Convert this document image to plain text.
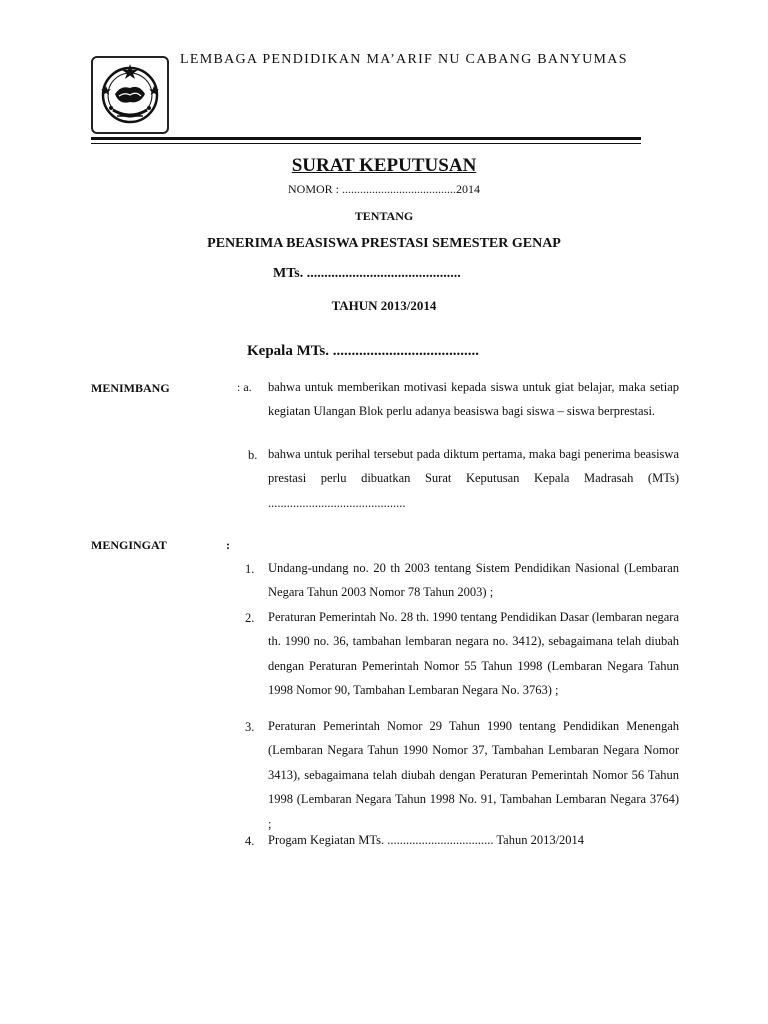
LEMBAGA PENDIDIKAN MA’ARIF NU CABANG BANYUMAS
SURAT KEPUTUSAN
NOMOR : ......................................2014
TENTANG
PENERIMA BEASISWA PRESTASI SEMESTER GENAP
MTs. ............................................
TAHUN 2013/2014
Kepala MTs. .......................................
MENIMBANG	: a. bahwa untuk memberikan motivasi kepada siswa untuk giat belajar, maka setiap kegiatan Ulangan Blok perlu adanya beasiswa bagi siswa – siswa berprestasi.
b. bahwa untuk perihal tersebut pada diktum pertama, maka bagi penerima beasiswa prestasi perlu dibuatkan Surat Keputusan Kepala Madrasah (MTs) ............................................
MENGINGAT	:
1. Undang-undang no. 20 th 2003 tentang Sistem Pendidikan Nasional (Lembaran Negara Tahun 2003 Nomor 78 Tahun 2003) ;
2. Peraturan Pemerintah No. 28 th. 1990 tentang Pendidikan Dasar (lembaran negara th. 1990 no. 36, tambahan lembaran negara no. 3412), sebagaimana telah diubah dengan Peraturan Pemerintah Nomor 55 Tahun 1998 (Lembaran Negara Tahun 1998 Nomor 90, Tambahan Lembaran Negara No. 3763) ;
3. Peraturan Pemerintah Nomor 29 Tahun 1990 tentang Pendidikan Menengah (Lembaran Negara Tahun 1990 Nomor 37, Tambahan Lembaran Negara Nomor 3413), sebagaimana telah diubah dengan Peraturan Pemerintah Nomor 56 Tahun 1998 (Lembaran Negara Tahun 1998 No. 91, Tambahan Lembaran Negara 3764) ;
4. Progam Kegiatan MTs. .................................. Tahun 2013/2014
